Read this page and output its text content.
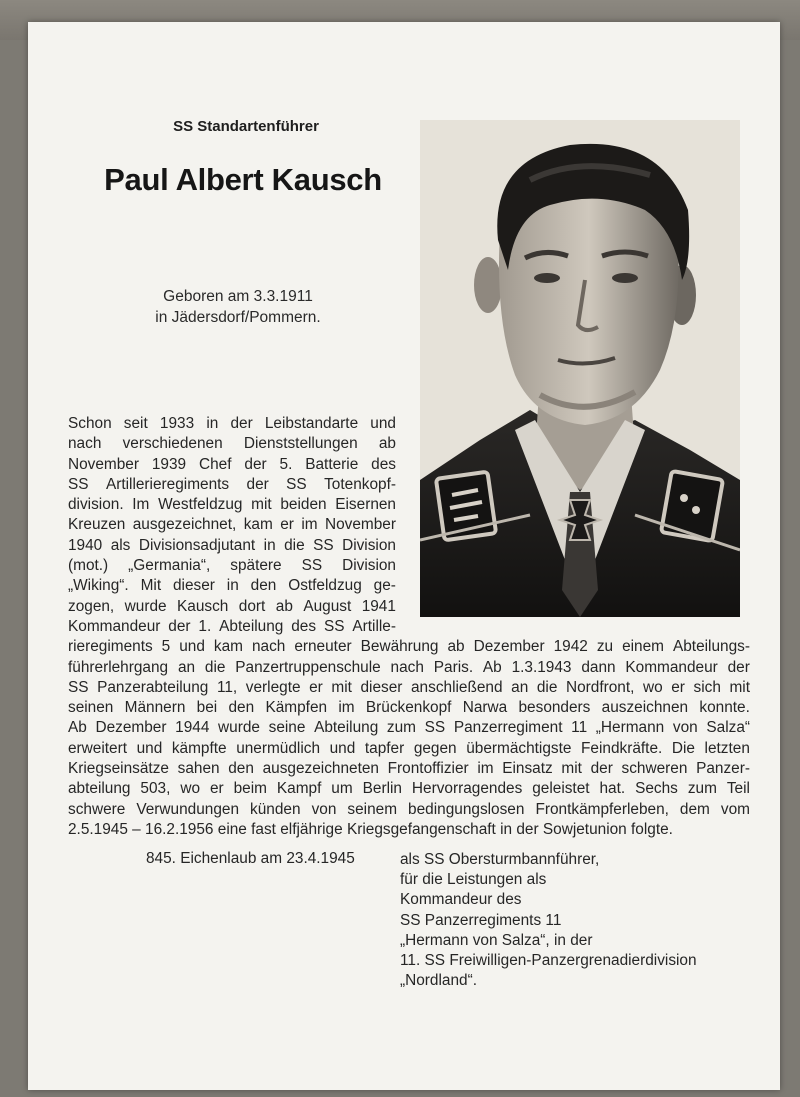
SS Standartenführer
Paul Albert Kausch
Geboren am 3.3.1911
in Jädersdorf/Pommern.
Schon seit 1933 in der Leibstandarte und
nach verschiedenen Dienststellungen ab
November 1939 Chef der 5. Batterie des
SS Artillerieregiments der SS Totenkopf-
division. Im Westfeldzug mit beiden Eisernen
Kreuzen ausgezeichnet, kam er im November
1940 als Divisionsadjutant in die SS Division
(mot.) „Germania“, spätere SS Division
„Wiking“. Mit dieser in den Ostfeldzug ge-
zogen, wurde Kausch dort ab August 1941
Kommandeur der 1. Abteilung des SS Artille-
rieregiments 5 und kam nach erneuter Bewährung ab Dezember 1942 zu einem Abteilungs-
führerlehrgang an die Panzertruppenschule nach Paris. Ab 1.3.1943 dann Kommandeur der
SS Panzerabteilung 11, verlegte er mit dieser anschließend an die Nordfront, wo er sich mit
seinen Männern bei den Kämpfen im Brückenkopf Narwa besonders auszeichnen konnte.
Ab Dezember 1944 wurde seine Abteilung zum SS Panzerregiment 11 „Hermann von Salza“
erweitert und kämpfte unermüdlich und tapfer gegen übermächtigste Feindkräfte. Die letzten
Kriegseinsätze sahen den ausgezeichneten Frontoffizier im Einsatz mit der schweren Panzer-
abteilung 503, wo er beim Kampf um Berlin Hervorragendes geleistet hat. Sechs zum Teil
schwere Verwundungen künden von seinem bedingungslosen Frontkämpferleben, dem vom
2.5.1945 – 16.2.1956 eine fast elfjährige Kriegsgefangenschaft in der Sowjetunion folgte.
845. Eichenlaub am 23.4.1945	als SS Obersturmbannführer,
für die Leistungen als
Kommandeur des
SS Panzerregiments 11
„Hermann von Salza“, in der
11. SS Freiwilligen-Panzergrenadierdivision
„Nordland“.
